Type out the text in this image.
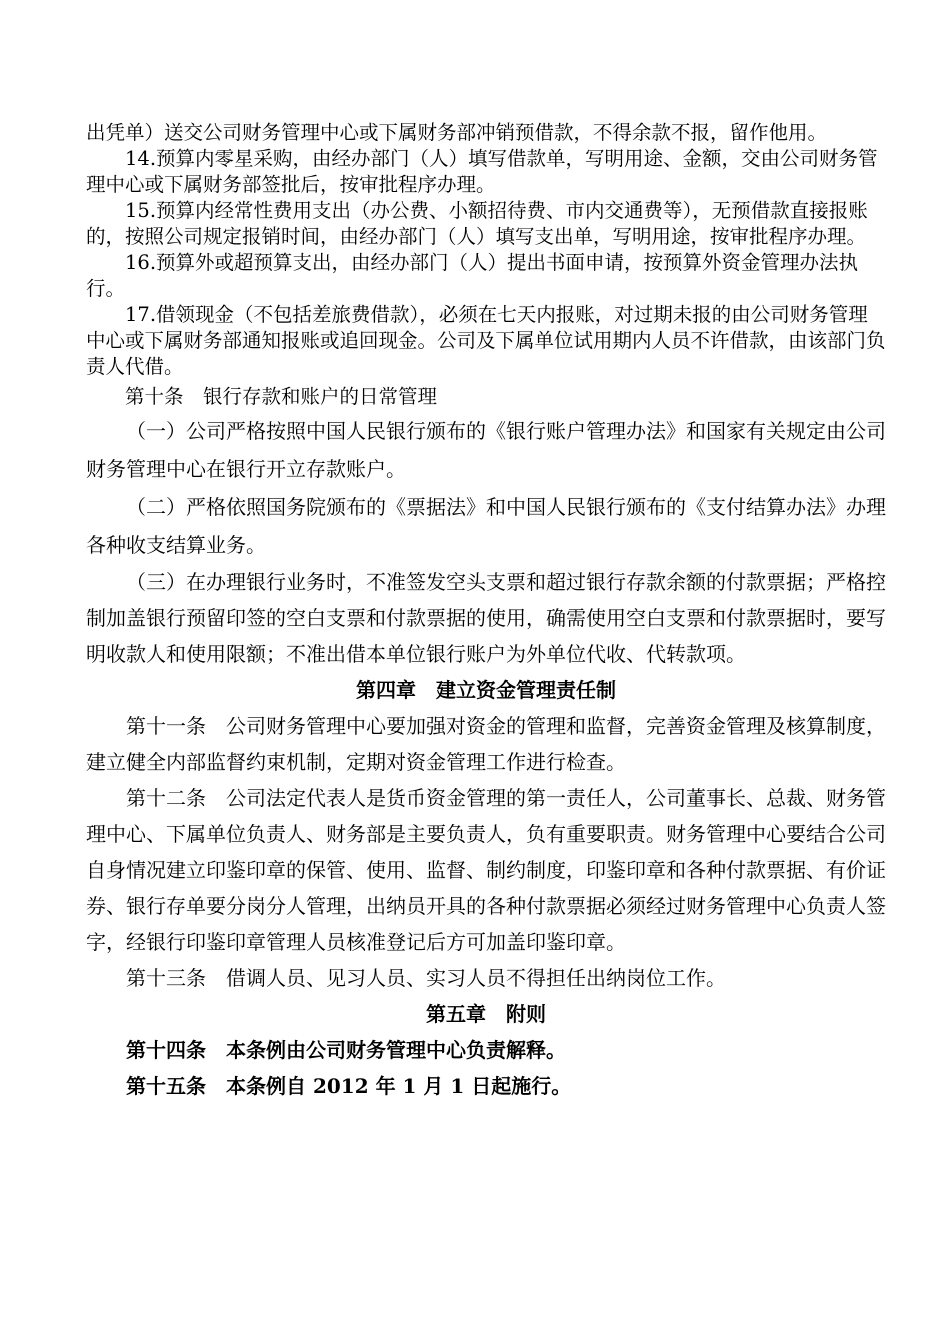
出凭单）送交公司财务管理中心或下属财务部冲销预借款，不得余款不报，留作他用。

14.预算内零星采购，由经办部门（人）填写借款单，写明用途、金额，交由公司财务管理中心或下属财务部签批后，按审批程序办理。

15.预算内经常性费用支出（办公费、小额招待费、市内交通费等），无预借款直接报账的，按照公司规定报销时间，由经办部门（人）填写支出单，写明用途，按审批程序办理。

16.预算外或超预算支出，由经办部门（人）提出书面申请，按预算外资金管理办法执行。

17.借领现金（不包括差旅费借款），必须在七天内报账，对过期未报的由公司财务管理中心或下属财务部通知报账或追回现金。公司及下属单位试用期内人员不许借款，由该部门负责人代借。

第十条　银行存款和账户的日常管理

（一）公司严格按照中国人民银行颁布的《银行账户管理办法》和国家有关规定由公司财务管理中心在银行开立存款账户。

（二）严格依照国务院颁布的《票据法》和中国人民银行颁布的《支付结算办法》办理各种收支结算业务。

（三）在办理银行业务时，不准签发空头支票和超过银行存款余额的付款票据；严格控制加盖银行预留印签的空白支票和付款票据的使用，确需使用空白支票和付款票据时，要写明收款人和使用限额；不准出借本单位银行账户为外单位代收、代转款项。

第四章　建立资金管理责任制

第十一条　公司财务管理中心要加强对资金的管理和监督，完善资金管理及核算制度，建立健全内部监督约束机制，定期对资金管理工作进行检查。

第十二条　公司法定代表人是货币资金管理的第一责任人，公司董事长、总裁、财务管理中心、下属单位负责人、财务部是主要负责人，负有重要职责。财务管理中心要结合公司自身情况建立印鉴印章的保管、使用、监督、制约制度，印鉴印章和各种付款票据、有价证券、银行存单要分岗分人管理，出纳员开具的各种付款票据必须经过财务管理中心负责人签字，经银行印鉴印章管理人员核准登记后方可加盖印鉴印章。

第十三条　借调人员、见习人员、实习人员不得担任出纳岗位工作。

第五章　附则

第十四条　本条例由公司财务管理中心负责解释。

第十五条　本条例自 2012 年 1 月 1 日起施行。
